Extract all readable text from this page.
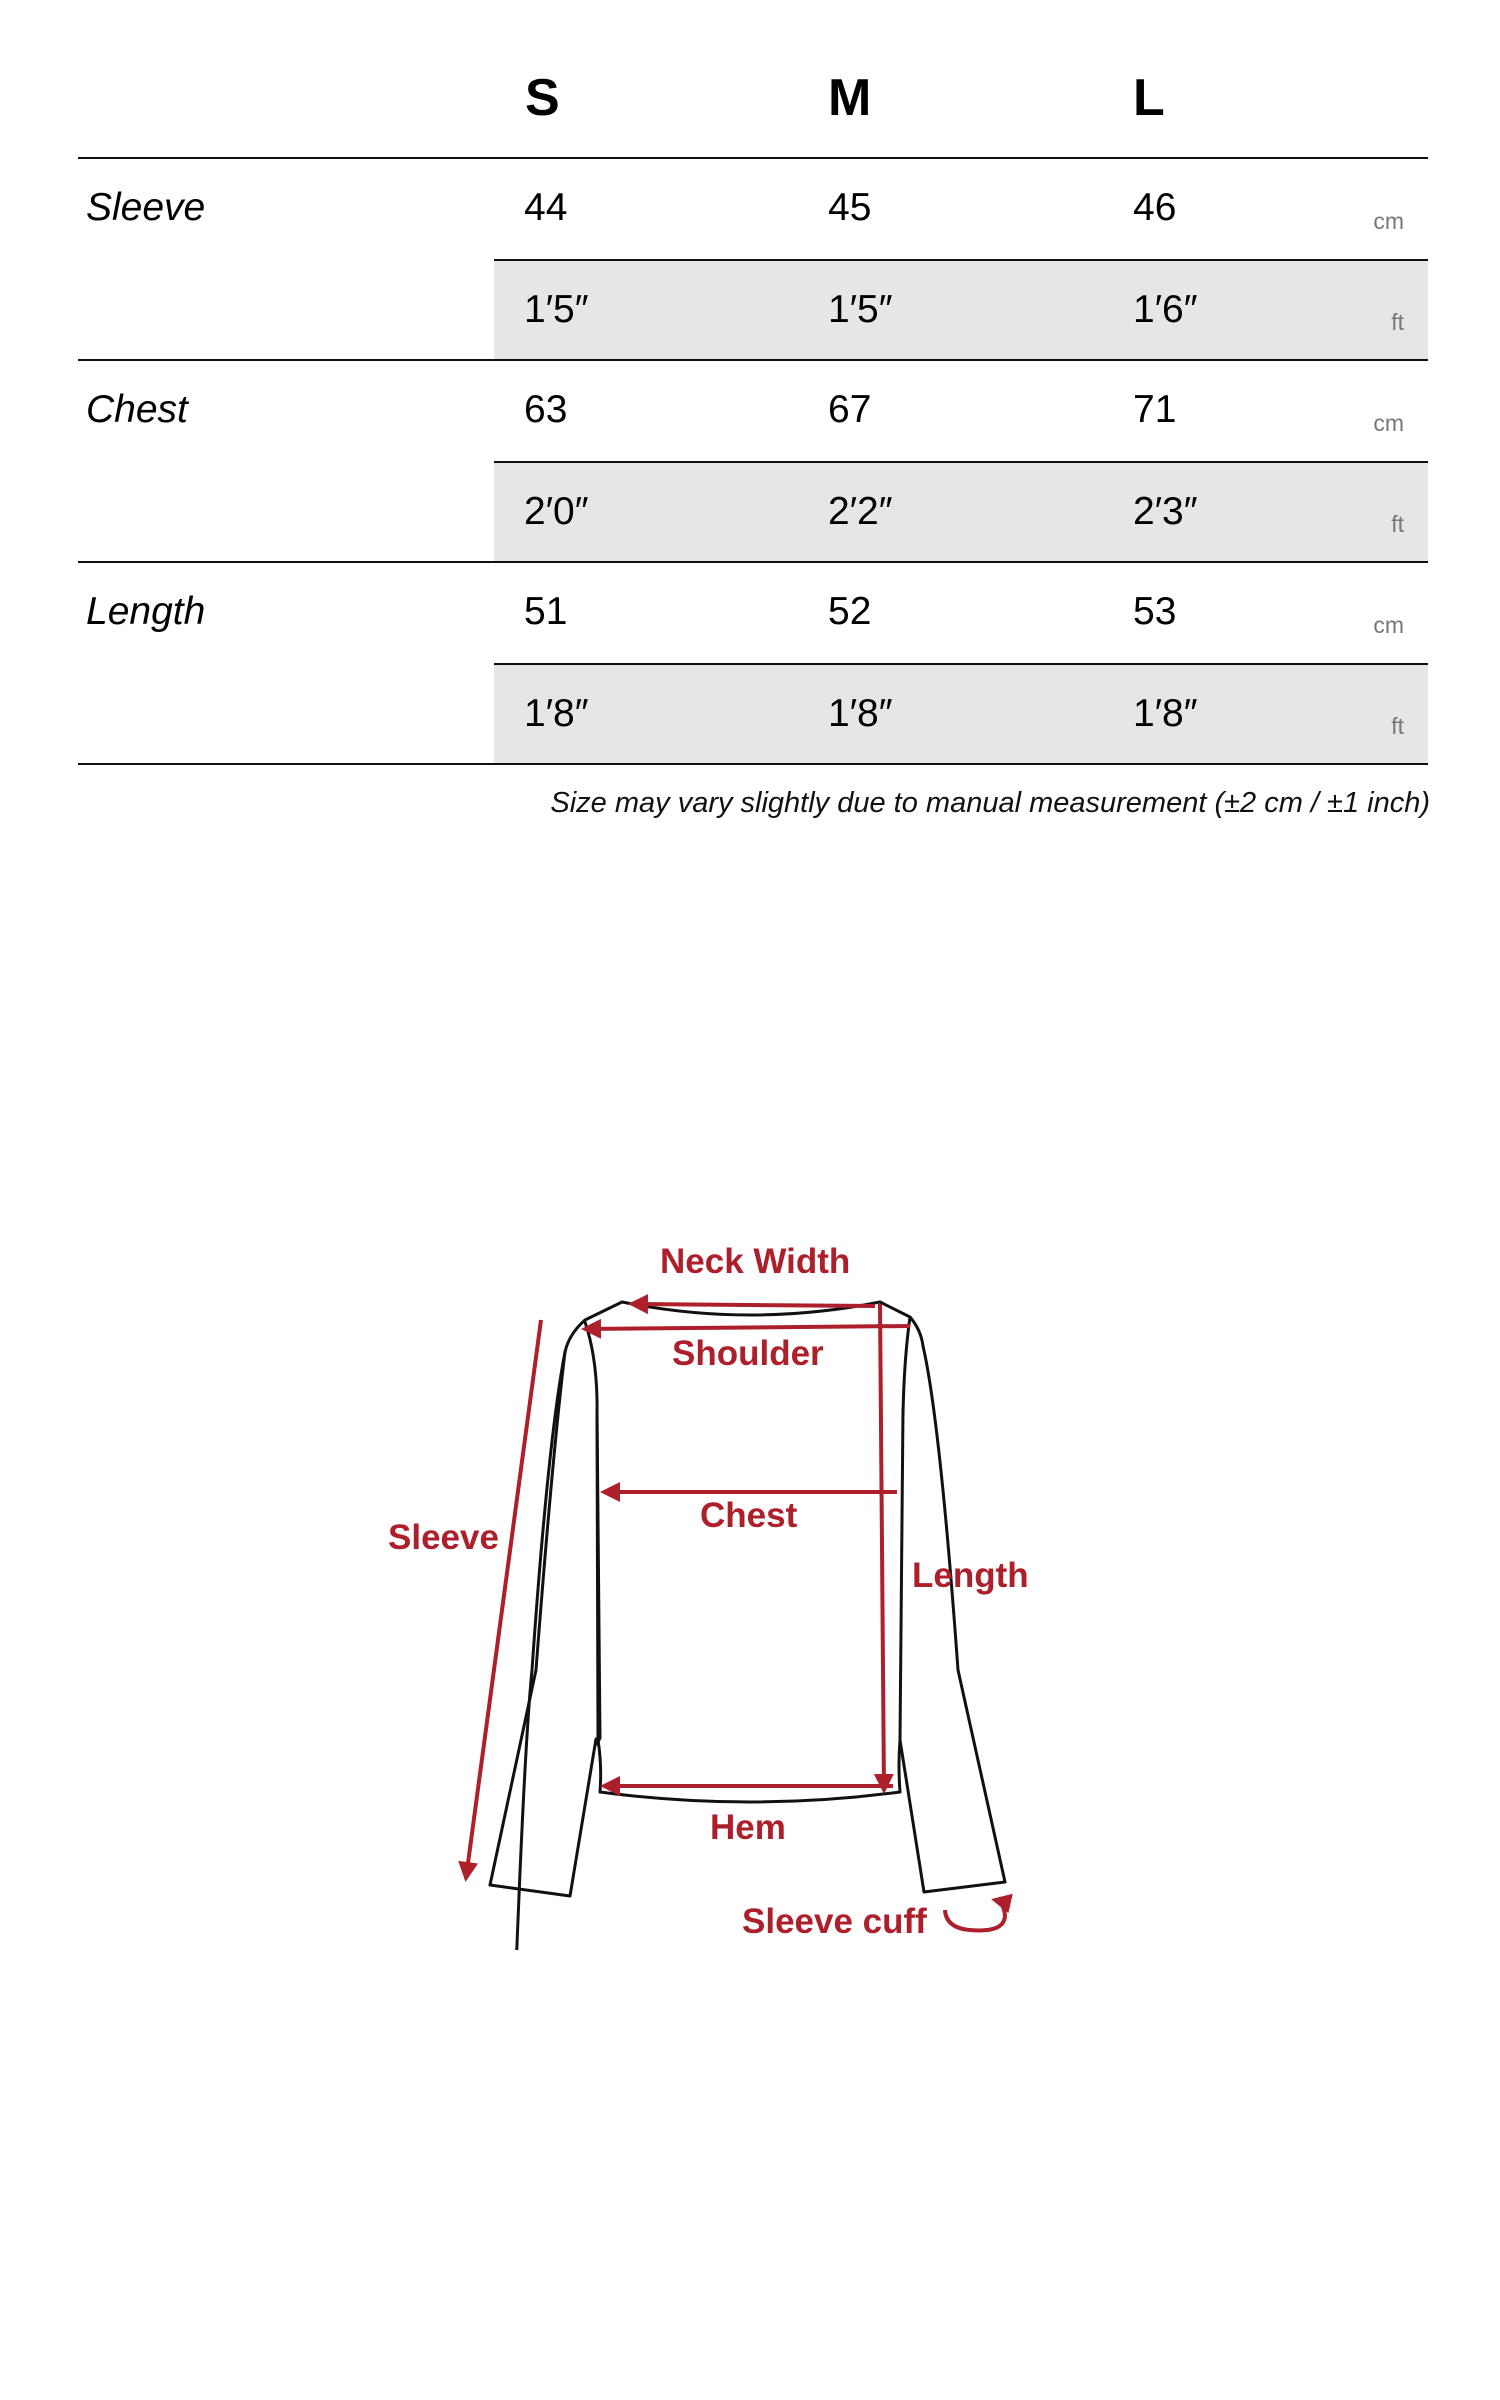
S	M	L
Sleeve	44	45	46	cm
1′5″	1′5″	1′6″	ft
Chest	63	67	71	cm
2′0″	2′2″	2′3″	ft
Length	51	52	53	cm
1′8″	1′8″	1′8″	ft
Size may vary slightly due to manual measurement (±2 cm / ±1 inch)
Neck Width
Shoulder
Chest
Sleeve
Length
Hem
Sleeve cuff
